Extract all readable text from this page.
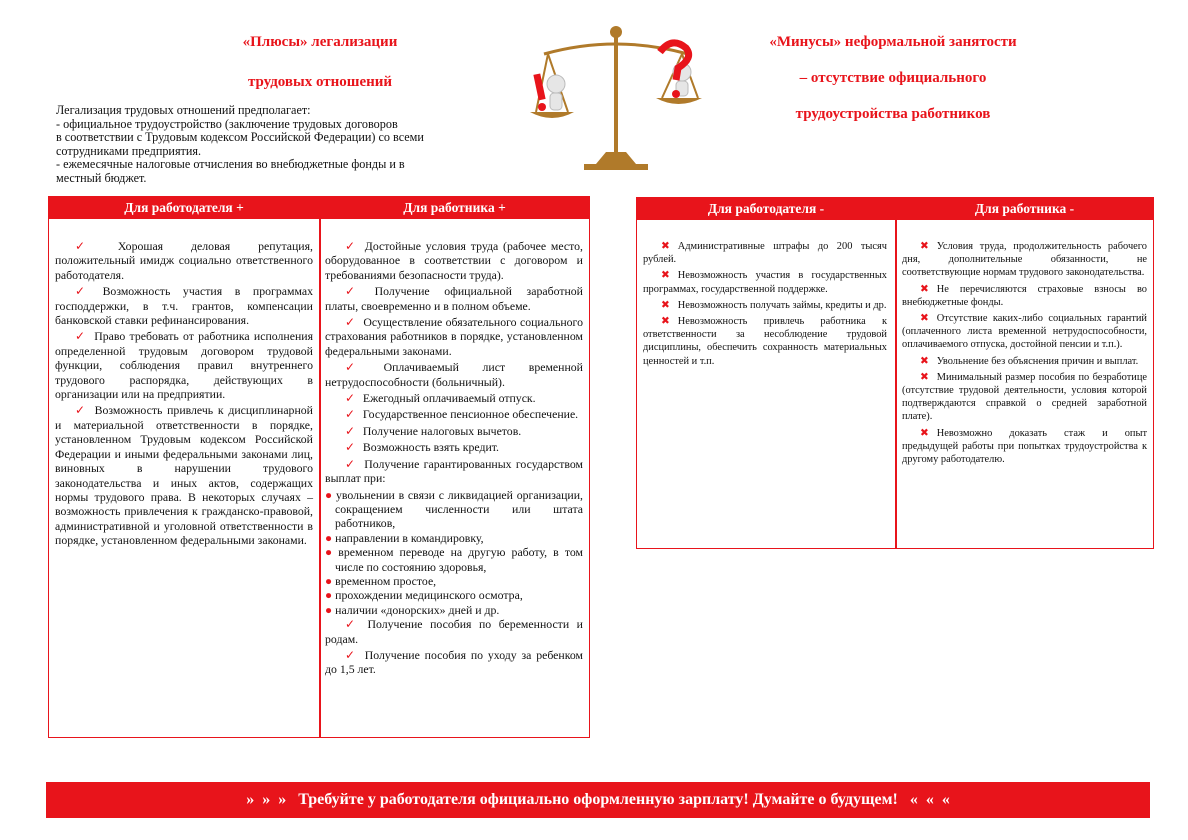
«Плюсы» легализации

трудовых отношений

«Минусы» неформальной занятости

– отсутствие официального

трудоустройства работников

Легализация трудовых отношений предполагает:
- официальное трудоустройство (заключение трудовых договоров
в соответствии с Трудовым кодексом Российской Федерации) со всеми
сотрудниками предприятия.
- ежемесячные налоговые отчисления во внебюджетные фонды и в
местный бюджет.
Для работодателя +	Для работника +

✓ Хорошая деловая репутация, положительный имидж социально ответственного работодателя.

✓ Возможность участия в программах господдержки, в т.ч. грантов, компенсации банковской ставки рефинансирования.

✓ Право требовать от работника исполнения определенной трудовым договором трудовой функции, соблюдения правил внутреннего трудового распорядка, действующих в организации или на предприятии.

✓ Возможность привлечь к дисциплинарной и материальной ответственности в порядке, установленном Трудовым кодексом Российской Федерации и иными федеральными законами лиц, виновных в нарушении трудового законодательства и иных актов, содержащих нормы трудового права. В некоторых случаях – возможность привлечения к гражданско-правовой, административной и уголовной ответственности в порядке, установленном федеральными законами.

✓ Достойные условия труда (рабочее место, оборудованное в соответствии с договором и требованиями безопасности труда).

✓ Получение официальной заработной платы, своевременно и в полном объеме.

✓ Осуществление обязательного социального страхования работников в порядке, установленном федеральными законами.

✓ Оплачиваемый лист временной нетрудоспособности (больничный).

✓ Ежегодный оплачиваемый отпуск.

✓ Государственное пенсионное обеспечение.

✓ Получение налоговых вычетов.

✓ Возможность взять кредит.

✓ Получение гарантированных государством выплат при:

● увольнении в связи с ликвидацией организации, сокращением численности или штата работников,

● направлении в командировку,

● временном переводе на другую работу, в том числе по состоянию здоровья,

● временном простое,

● прохождении медицинского осмотра,

● наличии «донорских» дней и др.

✓ Получение пособия по беременности и родам.

✓ Получение пособия по уходу за ребенком до 1,5 лет.

Для работодателя -	Для работника -

✖ Административные штрафы до 200 тысяч рублей.

✖ Невозможность участия в государственных программах, государственной поддержке.

✖ Невозможность получать займы, кредиты и др.

✖ Невозможность привлечь работника к ответственности за несоблюдение трудовой дисциплины, обеспечить сохранность материальных ценностей и т.п.

✖ Условия труда, продолжительность рабочего дня, дополнительные обязанности, не соответствующие нормам трудового законодательства.

✖ Не перечисляются страховые взносы во внебюджетные фонды.

✖ Отсутствие каких-либо социальных гарантий (оплаченного листа временной нетрудоспособности, оплачиваемого отпуска, достойной пенсии и т.п.).

✖ Увольнение без объяснения причин и выплат.

✖ Минимальный размер пособия по безработице (отсутствие трудовой деятельности, условия которой подтверждаются справкой о средней заработной плате).

✖ Невозможно доказать стаж и опыт предыдущей работы при попытках трудоустройства к другому работодателю.

»  »  »   Требуйте у работодателя официально оформленную зарплату! Думайте о будущем!   «  «  «
